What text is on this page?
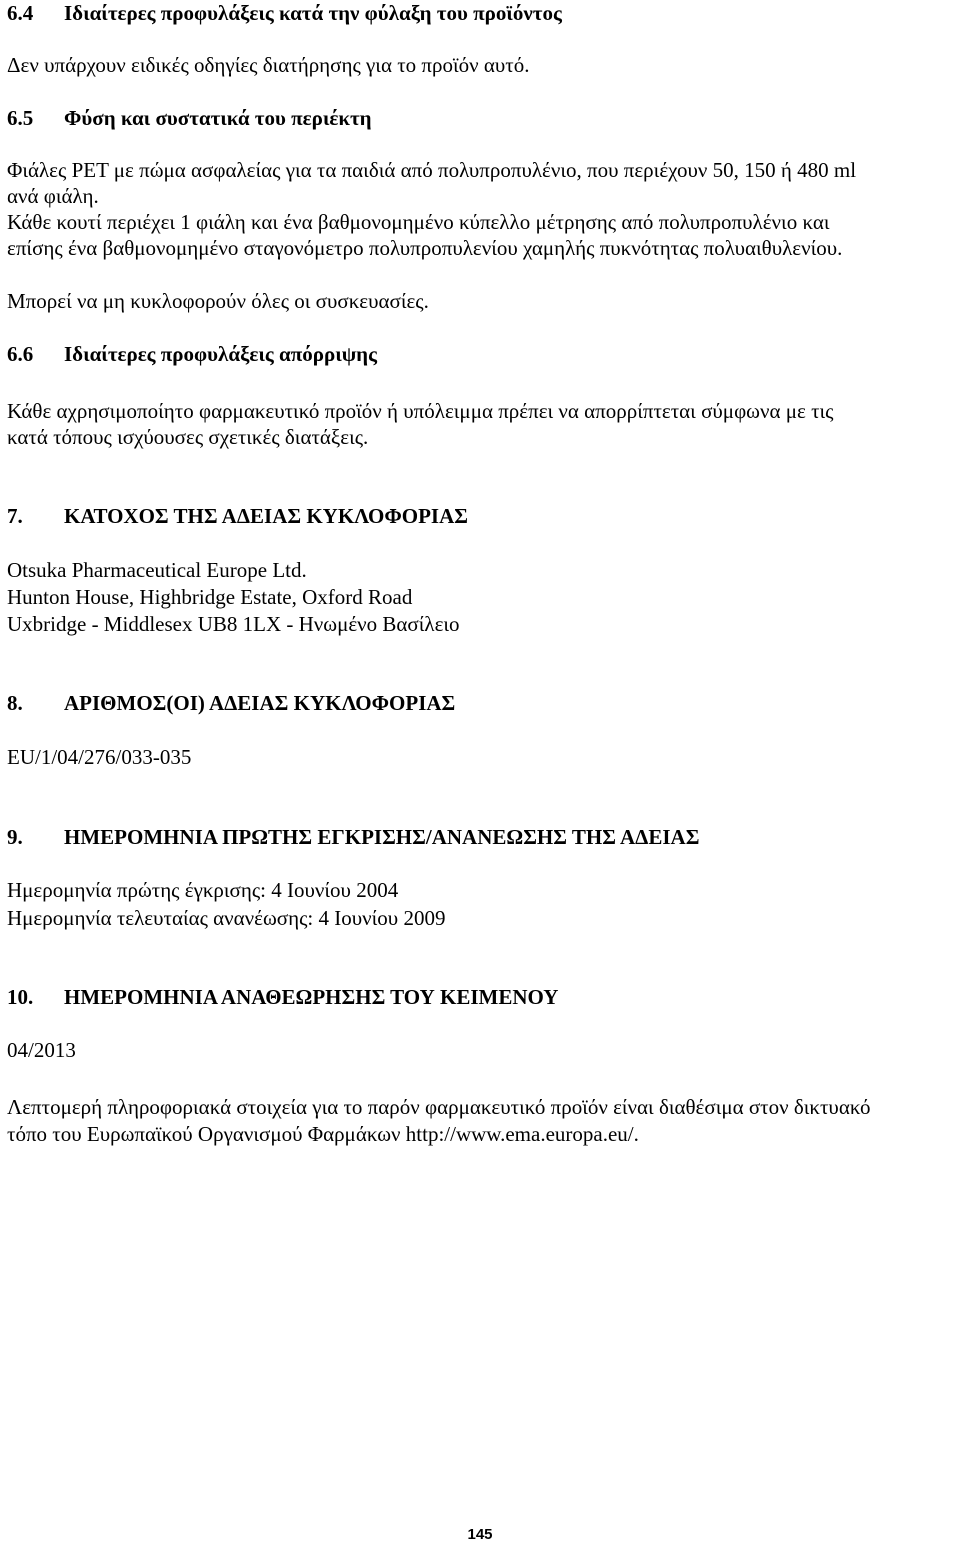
6.4 Ιδιαίτερες προφυλάξεις κατά την φύλαξη του προϊόντος
Δεν υπάρχουν ειδικές οδηγίες διατήρησης για το προϊόν αυτό.
6.5 Φύση και συστατικά του περιέκτη
Φιάλες PET με πώμα ασφαλείας για τα παιδιά από πολυπροπυλένιο, που περιέχουν 50, 150 ή 480 ml
ανά φιάλη.
Κάθε κουτί περιέχει 1 φιάλη και ένα βαθμονομημένο κύπελλο μέτρησης από πολυπροπυλένιο και
επίσης ένα βαθμονομημένο σταγονόμετρο πολυπροπυλενίου χαμηλής πυκνότητας πολυαιθυλενίου.
Μπορεί να μη κυκλοφορούν όλες οι συσκευασίες.
6.6 Ιδιαίτερες προφυλάξεις απόρριψης
Κάθε αχρησιμοποίητο φαρμακευτικό προϊόν ή υπόλειμμα πρέπει να απορρίπτεται σύμφωνα με τις
κατά τόπους ισχύουσες σχετικές διατάξεις.
7. ΚΑΤΟΧΟΣ ΤΗΣ ΑΔΕΙΑΣ ΚΥΚΛΟΦΟΡΙΑΣ
Otsuka Pharmaceutical Europe Ltd.
Hunton House, Highbridge Estate, Oxford Road
Uxbridge - Middlesex UB8 1LX - Ηνωμένο Βασίλειο
8. ΑΡΙΘΜΟΣ(ΟΙ) ΑΔΕΙΑΣ ΚΥΚΛΟΦΟΡΙΑΣ
EU/1/04/276/033-035
9. ΗΜΕΡΟΜΗΝΙΑ ΠΡΩΤΗΣ ΕΓΚΡΙΣΗΣ/ΑΝΑΝΕΩΣΗΣ ΤΗΣ ΑΔΕΙΑΣ
Ημερομηνία πρώτης έγκρισης: 4 Ιουνίου 2004
Ημερομηνία τελευταίας ανανέωσης: 4 Ιουνίου 2009
10. ΗΜΕΡΟΜΗΝΙΑ ΑΝΑΘΕΩΡΗΣΗΣ ΤΟΥ ΚΕΙΜΕΝΟΥ
04/2013
Λεπτομερή πληροφοριακά στοιχεία για το παρόν φαρμακευτικό προϊόν είναι διαθέσιμα στον δικτυακό
τόπο του Ευρωπαϊκού Οργανισμού Φαρμάκων http://www.ema.europa.eu/.
145
